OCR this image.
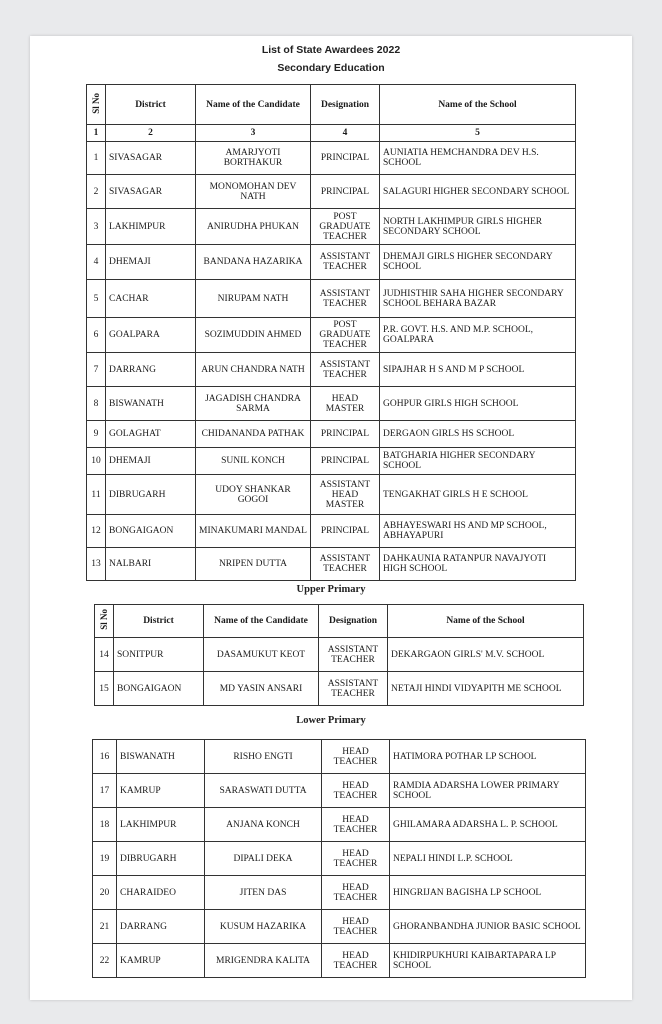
List of State Awardees 2022
Secondary Education
Sl No	District	Name of the Candidate	Designation	Name of the School
1	2	3	4	5
1	SIVASAGAR	AMARJYOTI BORTHAKUR	PRINCIPAL	AUNIATIA HEMCHANDRA DEV H.S. SCHOOL
2	SIVASAGAR	MONOMOHAN DEV NATH	PRINCIPAL	SALAGURI HIGHER SECONDARY SCHOOL
3	LAKHIMPUR	ANIRUDHA PHUKAN	POST GRADUATE TEACHER	NORTH LAKHIMPUR GIRLS HIGHER SECONDARY SCHOOL
4	DHEMAJI	BANDANA HAZARIKA	ASSISTANT TEACHER	DHEMAJI GIRLS HIGHER SECONDARY SCHOOL
5	CACHAR	NIRUPAM NATH	ASSISTANT TEACHER	JUDHISTHIR SAHA HIGHER SECONDARY SCHOOL BEHARA BAZAR
6	GOALPARA	SOZIMUDDIN AHMED	POST GRADUATE TEACHER	P.R. GOVT. H.S. AND M.P. SCHOOL, GOALPARA
7	DARRANG	ARUN CHANDRA NATH	ASSISTANT TEACHER	SIPAJHAR H S AND M P SCHOOL
8	BISWANATH	JAGADISH CHANDRA SARMA	HEAD MASTER	GOHPUR GIRLS HIGH SCHOOL
9	GOLAGHAT	CHIDANANDA PATHAK	PRINCIPAL	DERGAON GIRLS HS SCHOOL
10	DHEMAJI	SUNIL KONCH	PRINCIPAL	BATGHARIA HIGHER SECONDARY SCHOOL
11	DIBRUGARH	UDOY SHANKAR GOGOI	ASSISTANT HEAD MASTER	TENGAKHAT GIRLS H E SCHOOL
12	BONGAIGAON	MINAKUMARI MANDAL	PRINCIPAL	ABHAYESWARI HS AND MP SCHOOL, ABHAYAPURI
13	NALBARI	NRIPEN DUTTA	ASSISTANT TEACHER	DAHKAUNIA RATANPUR NAVAJYOTI HIGH SCHOOL
Upper Primary
Sl No	District	Name of the Candidate	Designation	Name of the School
14	SONITPUR	DASAMUKUT KEOT	ASSISTANT TEACHER	DEKARGAON GIRLS' M.V. SCHOOL
15	BONGAIGAON	MD YASIN ANSARI	ASSISTANT TEACHER	NETAJI HINDI VIDYAPITH ME SCHOOL
Lower Primary
16	BISWANATH	RISHO ENGTI	HEAD TEACHER	HATIMORA POTHAR LP SCHOOL
17	KAMRUP	SARASWATI DUTTA	HEAD TEACHER	RAMDIA ADARSHA LOWER PRIMARY SCHOOL
18	LAKHIMPUR	ANJANA KONCH	HEAD TEACHER	GHILAMARA ADARSHA L. P. SCHOOL
19	DIBRUGARH	DIPALI DEKA	HEAD TEACHER	NEPALI HINDI L.P. SCHOOL
20	CHARAIDEO	JITEN DAS	HEAD TEACHER	HINGRIJAN BAGISHA LP SCHOOL
21	DARRANG	KUSUM HAZARIKA	HEAD TEACHER	GHORANBANDHA JUNIOR BASIC SCHOOL
22	KAMRUP	MRIGENDRA KALITA	HEAD TEACHER	KHIDIRPUKHURI KAIBARTAPARA LP SCHOOL
